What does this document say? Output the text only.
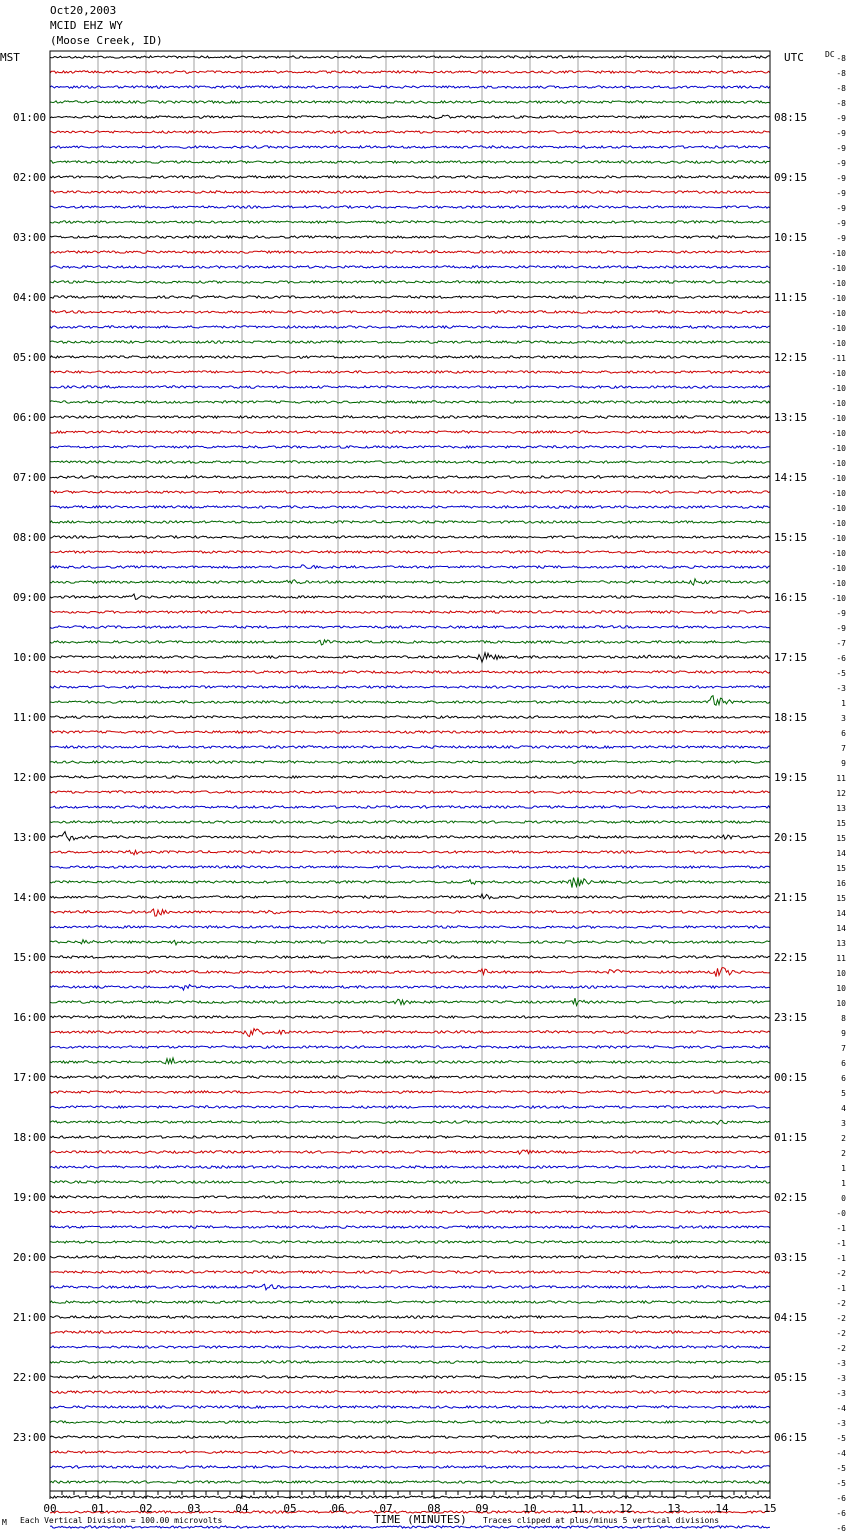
01:00
02:00
03:00
04:00
05:00
06:00
07:00
08:00
09:00
10:00
11:00
12:00
13:00
14:00
15:00
16:00
17:00
18:00
19:00
20:00
21:00
22:00
23:00
08:15
09:15
10:15
11:15
12:15
13:15
14:15
15:15
16:15
17:15
18:15
19:15
20:15
21:15
22:15
23:15
00:15
01:15
02:15
03:15
04:15
05:15
06:15
-8
-8
-8
-8
-9
-9
-9
-9
-9
-9
-9
-9
-9
-10
-10
-10
-10
-10
-10
-10
-11
-10
-10
-10
-10
-10
-10
-10
-10
-10
-10
-10
-10
-10
-10
-10
-10
-9
-9
-7
-6
-5
-3
1
3
6
7
9
11
12
13
15
15
14
15
16
15
14
14
13
11
10
10
10
8
9
7
6
6
5
4
3
2
2
1
1
0
-0
-1
-1
-1
-2
-1
-2
-2
-2
-2
-3
-3
-3
-4
-3
-5
-4
-5
-5
-6
-6
-6
00	01	02	03	04	05	06	07	08	09	10	11	12	13	14	15
MST	UTC	DC
M Each Vertical Division = 100.00 microvolts	TIME (MINUTES) Traces clipped at plus/minus 5 vertical divisions
Oct20,2003
MCID EHZ WY
(Moose Creek, ID)
